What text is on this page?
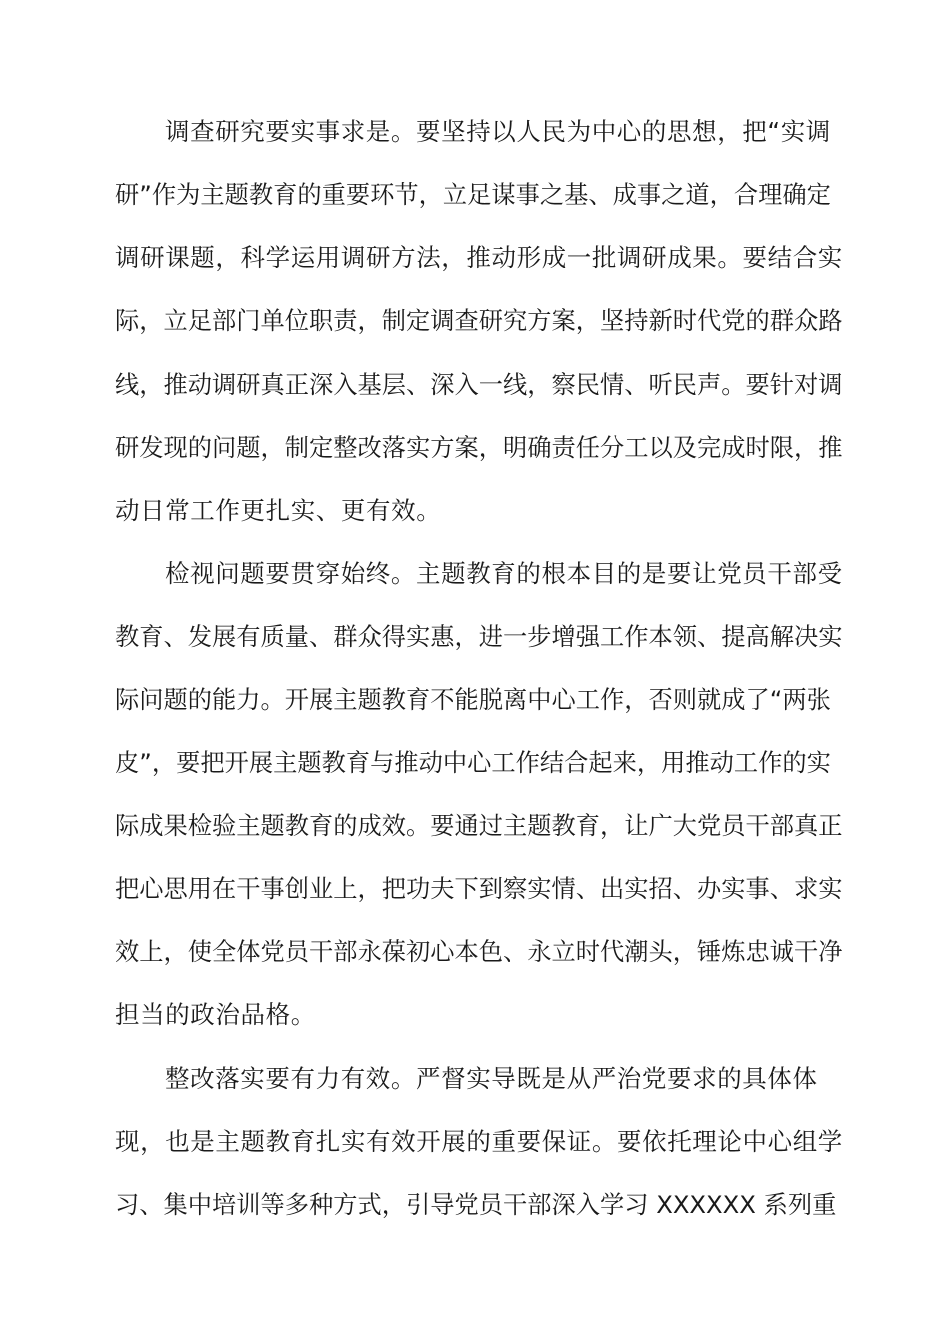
调查研究要实事求是。要坚持以人民为中心的思想，把“实调
研”作为主题教育的重要环节，立足谋事之基、成事之道，合理确定
调研课题，科学运用调研方法，推动形成一批调研成果。要结合实
际，立足部门单位职责，制定调查研究方案，坚持新时代党的群众路
线，推动调研真正深入基层、深入一线，察民情、听民声。要针对调
研发现的问题，制定整改落实方案，明确责任分工以及完成时限，推
动日常工作更扎实、更有效。
检视问题要贯穿始终。主题教育的根本目的是要让党员干部受
教育、发展有质量、群众得实惠，进一步增强工作本领、提高解决实
际问题的能力。开展主题教育不能脱离中心工作，否则就成了“两张
皮”，要把开展主题教育与推动中心工作结合起来，用推动工作的实
际成果检验主题教育的成效。要通过主题教育，让广大党员干部真正
把心思用在干事创业上，把功夫下到察实情、出实招、办实事、求实
效上，使全体党员干部永葆初心本色、永立时代潮头，锤炼忠诚干净
担当的政治品格。
整改落实要有力有效。严督实导既是从严治党要求的具体体
现，也是主题教育扎实有效开展的重要保证。要依托理论中心组学
习、集中培训等多种方式，引导党员干部深入学习 XXXXXX 系列重
